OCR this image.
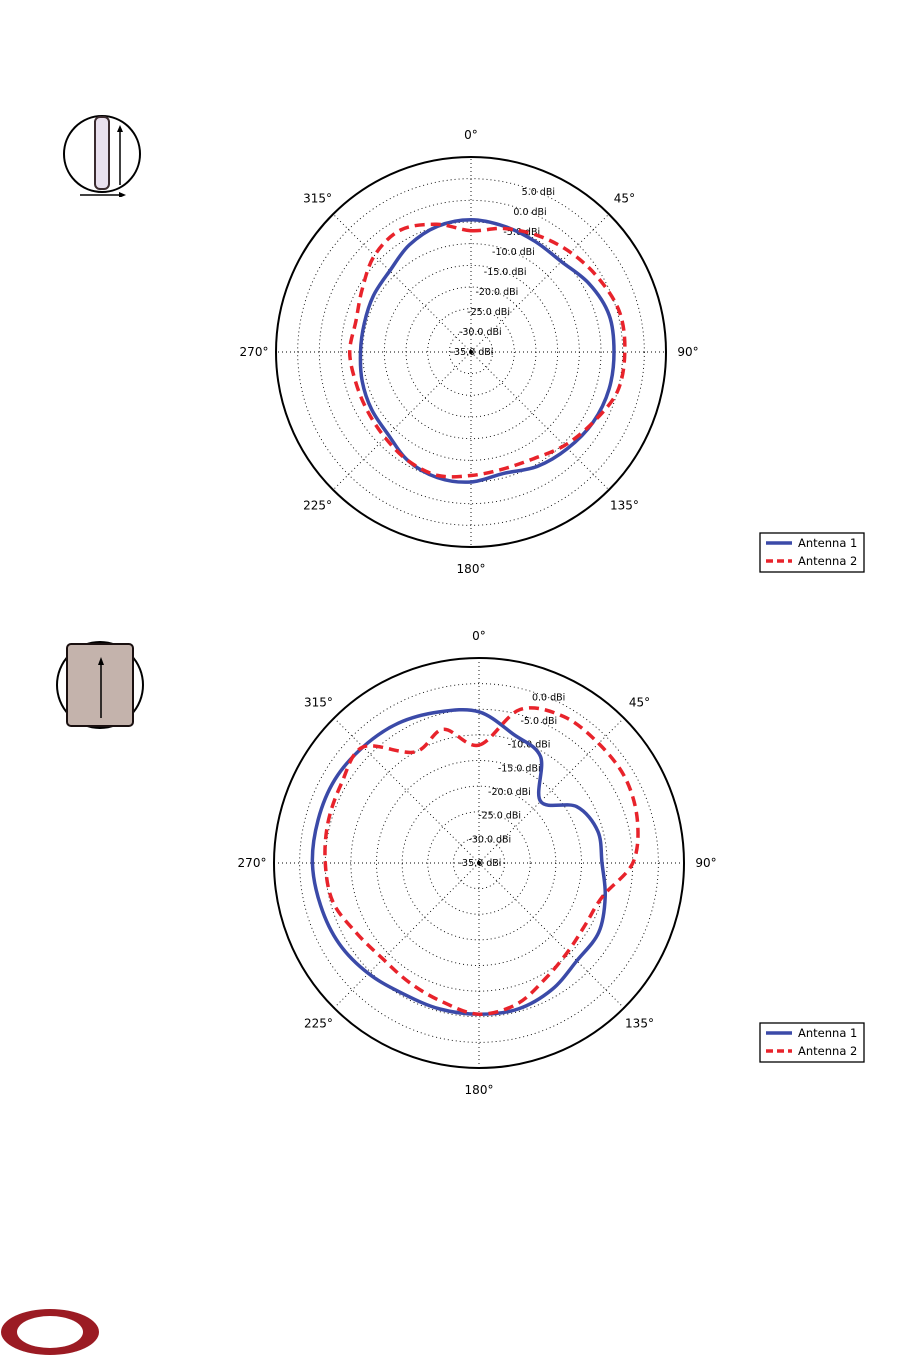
5.0 dBi
0.0 dBi
-5.0 dBi
-10.0 dBi
-15.0 dBi
-20.0 dBi
-25.0 dBi
-30.0 dBi
-35.0 dBi
0°
45°
90°
135°
180°
225°
270°
315°
Antenna 1
Antenna 2
0.0 dBi
-5.0 dBi
-10.0 dBi
-15.0 dBi
-20.0 dBi
-25.0 dBi
-30.0 dBi
-35.0 dBi
0°
45°
90°
135°
180°
225°
270°
315°
Antenna 1
Antenna 2
